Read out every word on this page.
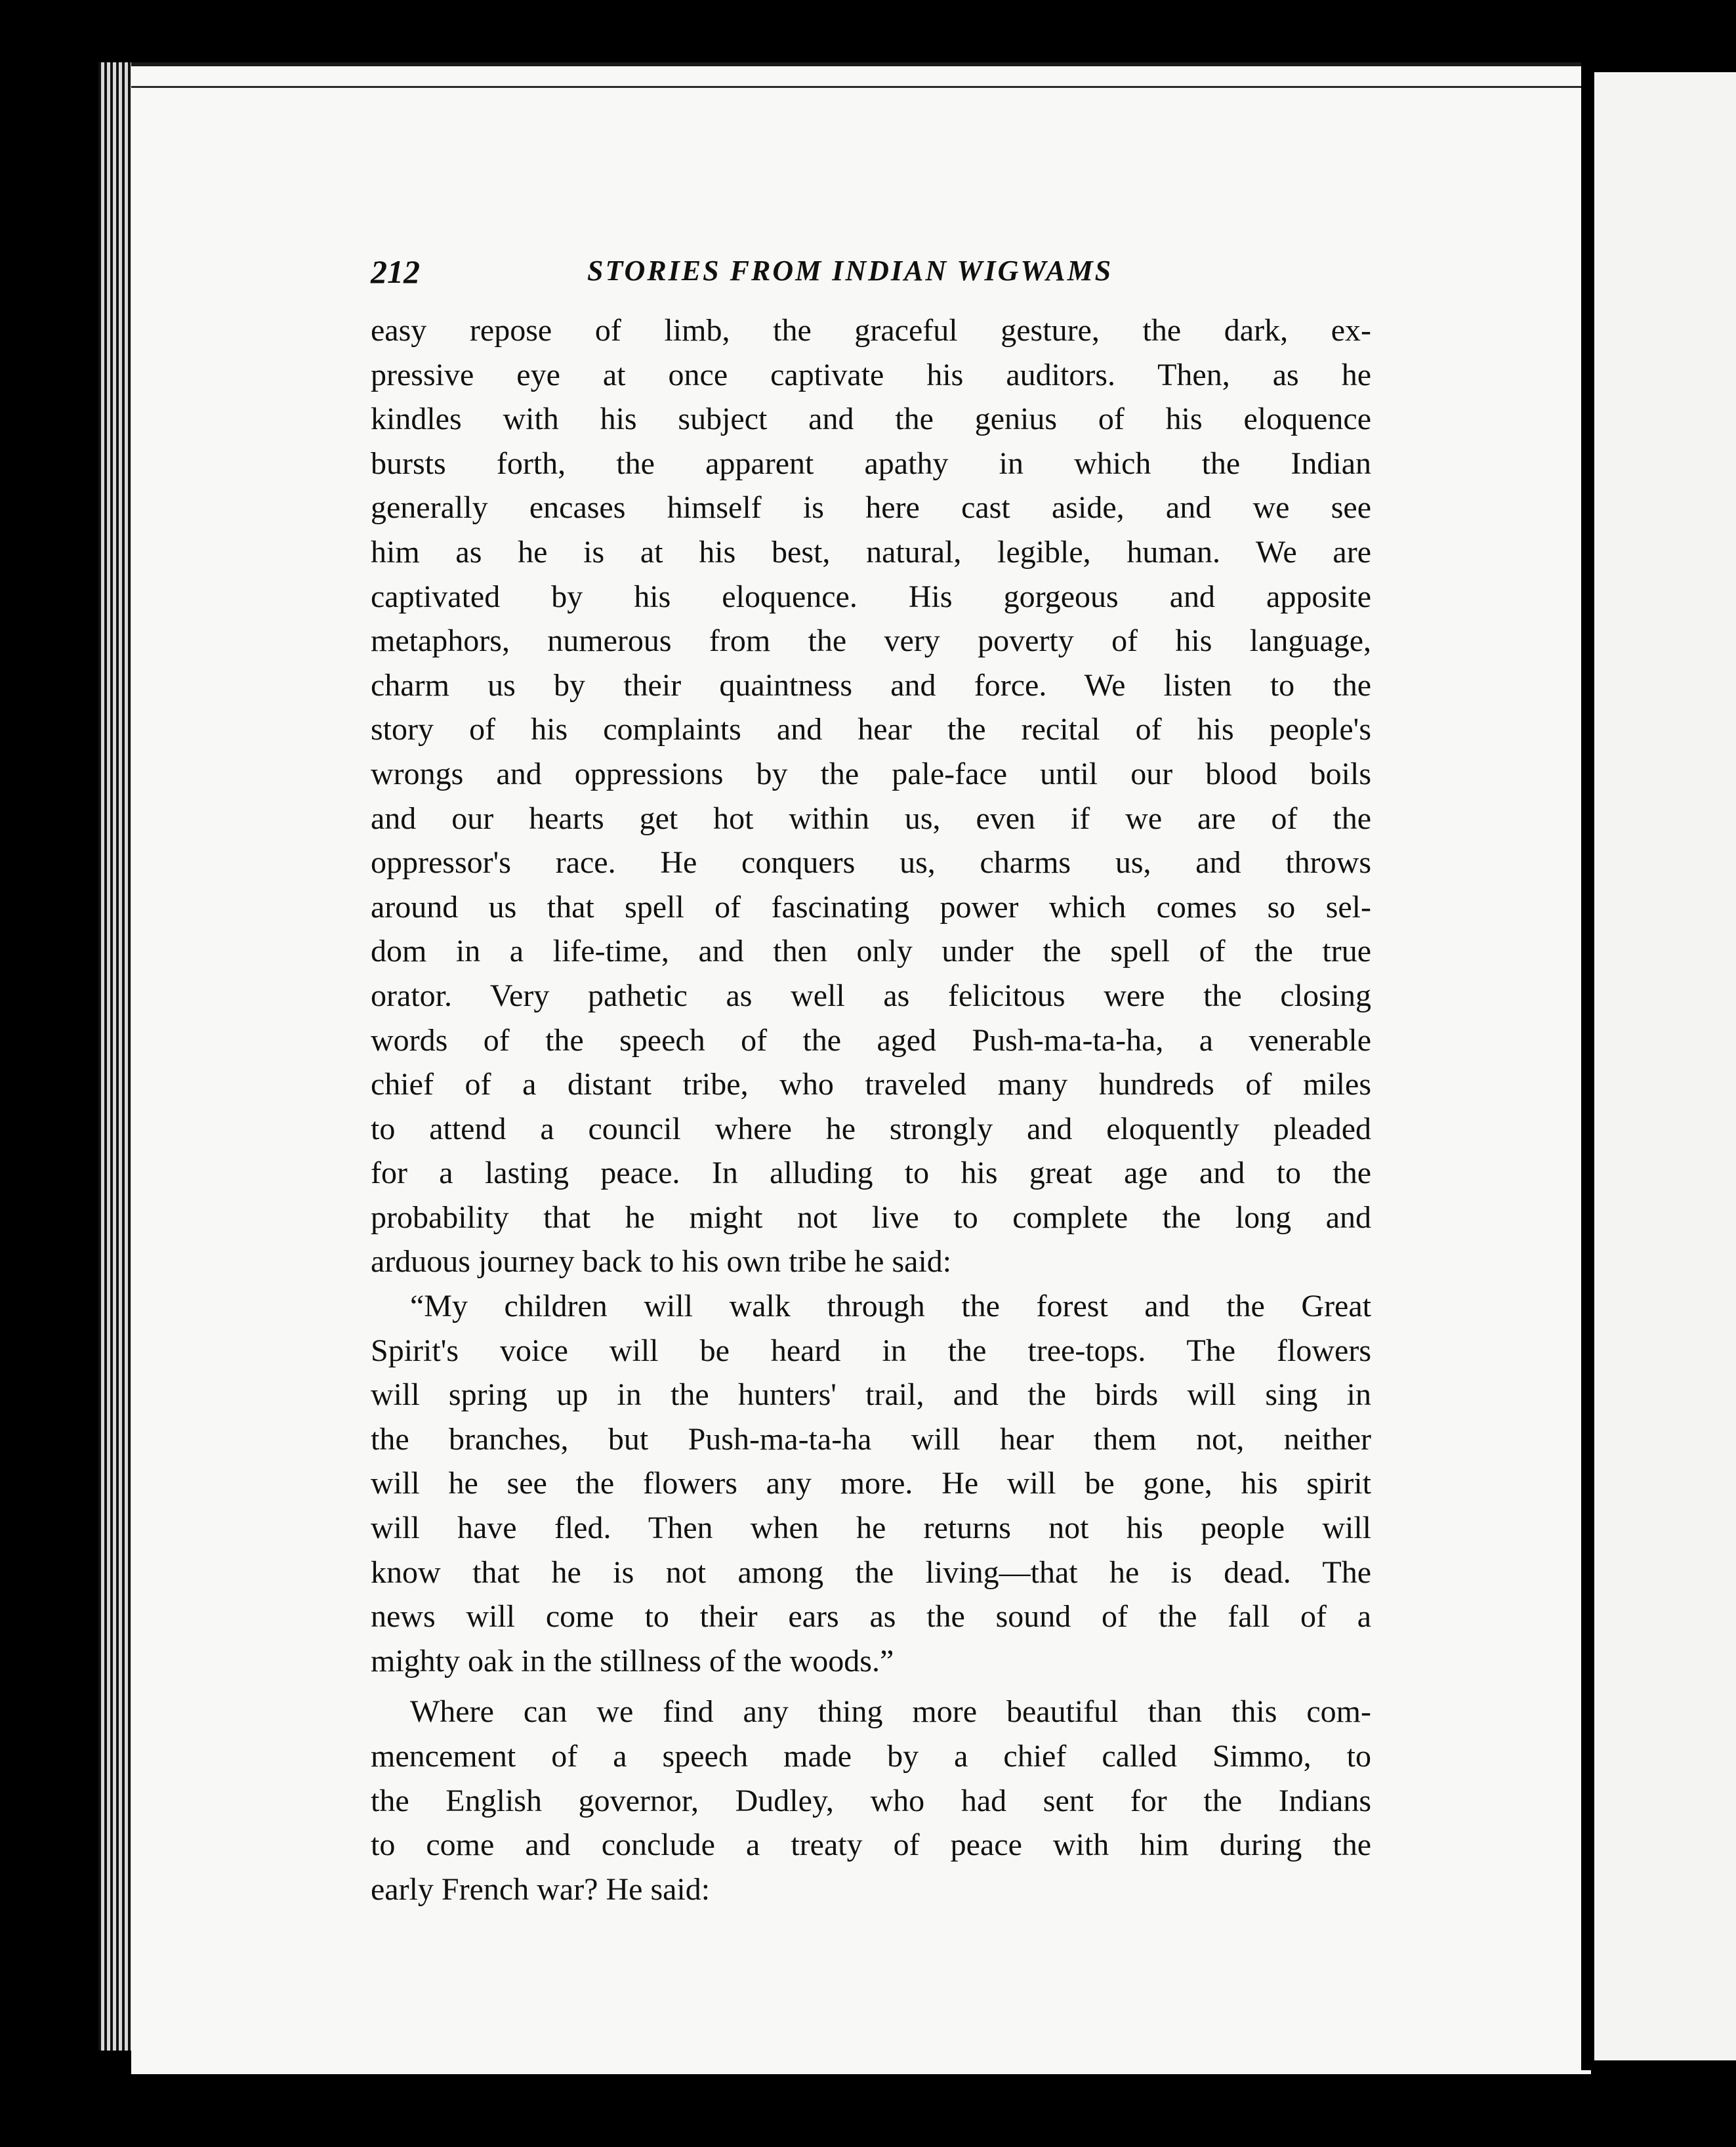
212	STORIES FROM INDIAN WIGWAMS
easy repose of limb, the graceful gesture, the dark, ex-
pressive eye at once captivate his auditors. Then, as he
kindles with his subject and the genius of his eloquence
bursts forth, the apparent apathy in which the Indian
generally encases himself is here cast aside, and we see
him as he is at his best, natural, legible, human. We are
captivated by his eloquence. His gorgeous and apposite
metaphors, numerous from the very poverty of his language,
charm us by their quaintness and force. We listen to the
story of his complaints and hear the recital of his people's
wrongs and oppressions by the pale-face until our blood boils
and our hearts get hot within us, even if we are of the
oppressor's race. He conquers us, charms us, and throws
around us that spell of fascinating power which comes so sel-
dom in a life-time, and then only under the spell of the true
orator. Very pathetic as well as felicitous were the closing
words of the speech of the aged Push-ma-ta-ha, a venerable
chief of a distant tribe, who traveled many hundreds of miles
to attend a council where he strongly and eloquently pleaded
for a lasting peace. In alluding to his great age and to the
probability that he might not live to complete the long and
arduous journey back to his own tribe he said:
“My children will walk through the forest and the Great
Spirit's voice will be heard in the tree-tops. The flowers
will spring up in the hunters' trail, and the birds will sing in
the branches, but Push-ma-ta-ha will hear them not, neither
will he see the flowers any more. He will be gone, his spirit
will have fled. Then when he returns not his people will
know that he is not among the living—that he is dead. The
news will come to their ears as the sound of the fall of a
mighty oak in the stillness of the woods.”
Where can we find any thing more beautiful than this com-
mencement of a speech made by a chief called Simmo, to
the English governor, Dudley, who had sent for the Indians
to come and conclude a treaty of peace with him during the
early French war? He said:
